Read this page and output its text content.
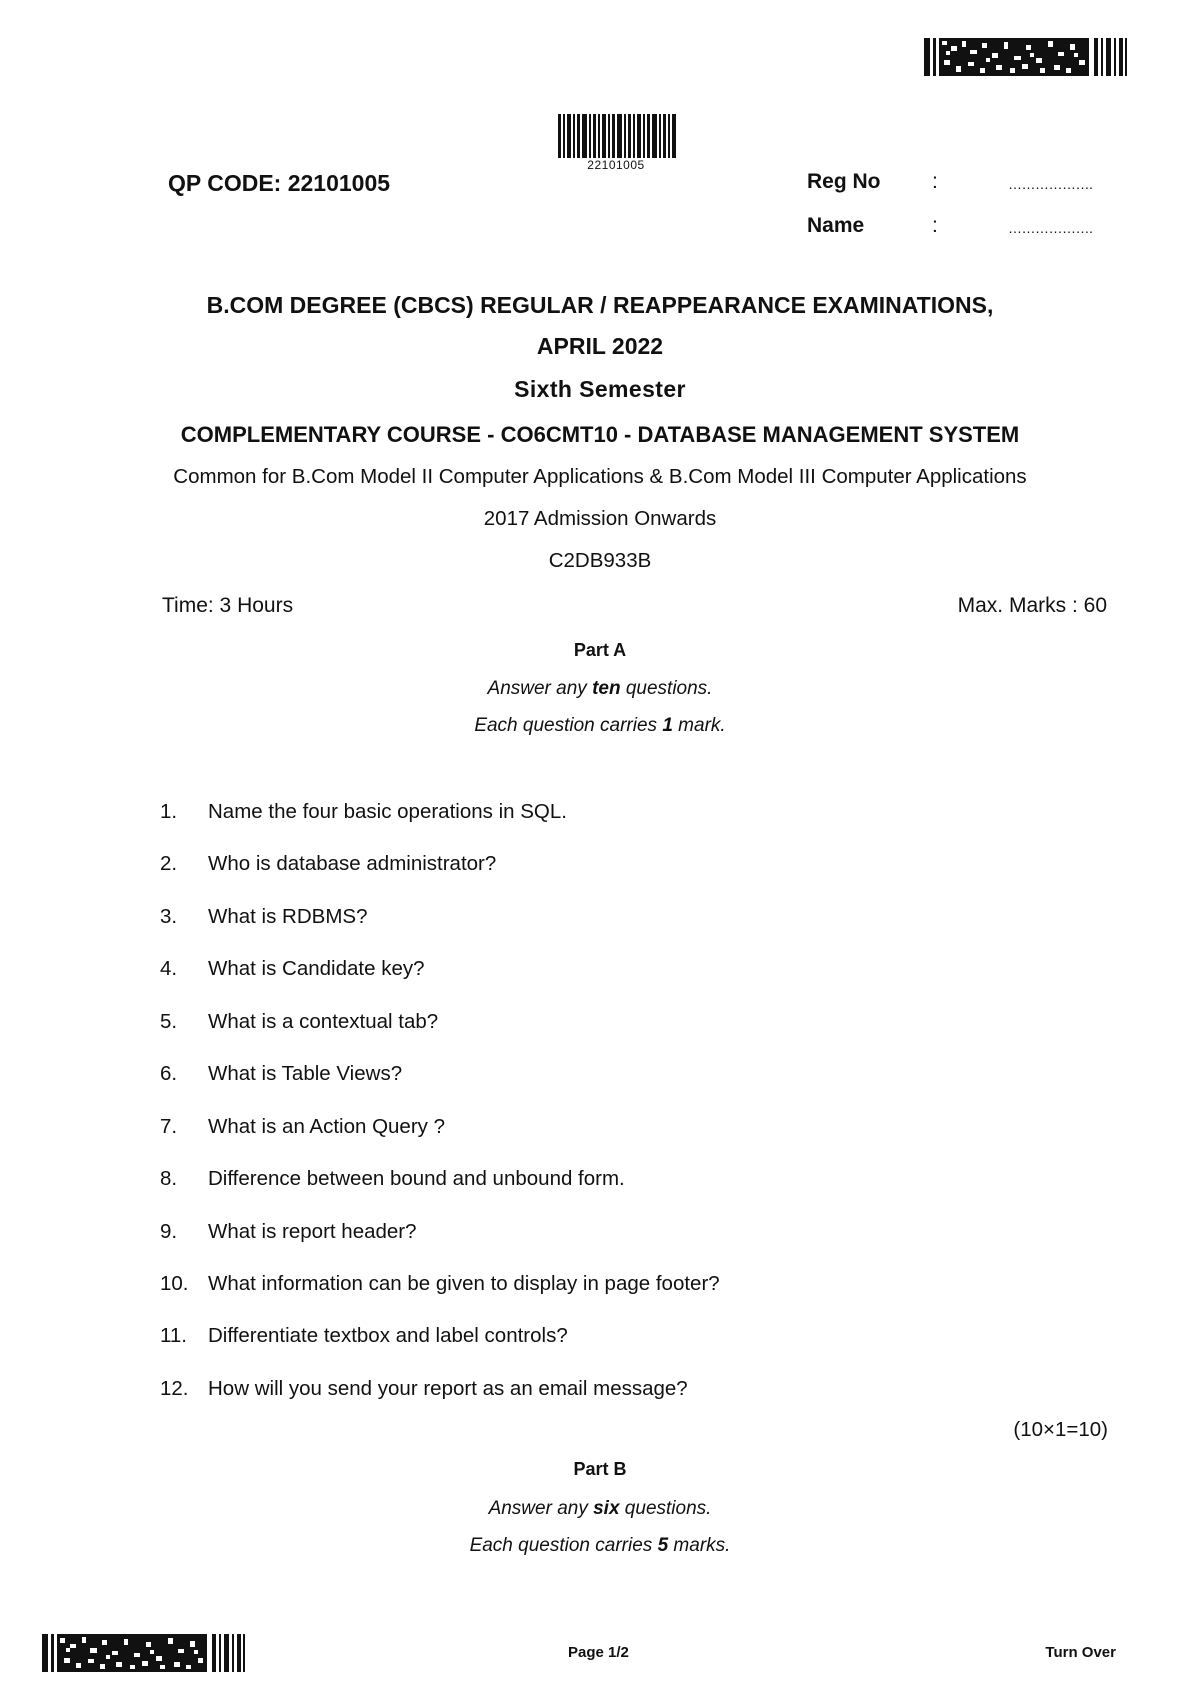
22101005
QP CODE: 22101005	Reg No :	……………….
Name	:	……………….
B.COM DEGREE (CBCS) REGULAR / REAPPEARANCE EXAMINATIONS,
APRIL 2022
Sixth Semester
COMPLEMENTARY COURSE - CO6CMT10 - DATABASE MANAGEMENT SYSTEM
Common for B.Com Model II Computer Applications & B.Com Model III Computer Applications
2017 Admission Onwards
C2DB933B
Time: 3 Hours	Max. Marks : 60
Part A
Answer any ten questions.
Each question carries 1 mark.
1.	Name the four basic operations in SQL.
2.	Who is database administrator?
3.	What is RDBMS?
4.	What is Candidate key?
5.	What is a contextual tab?
6.	What is Table Views?
7.	What is an Action Query ?
8.	Difference between bound and unbound form.
9.	What is report header?
10. What information can be given to display in page footer?
11. Differentiate textbox and label controls?
12. How will you send your report as an email message?
(10×1=10)
Part B
Answer any six questions.
Each question carries 5 marks.
Page 1/2	Turn Over
